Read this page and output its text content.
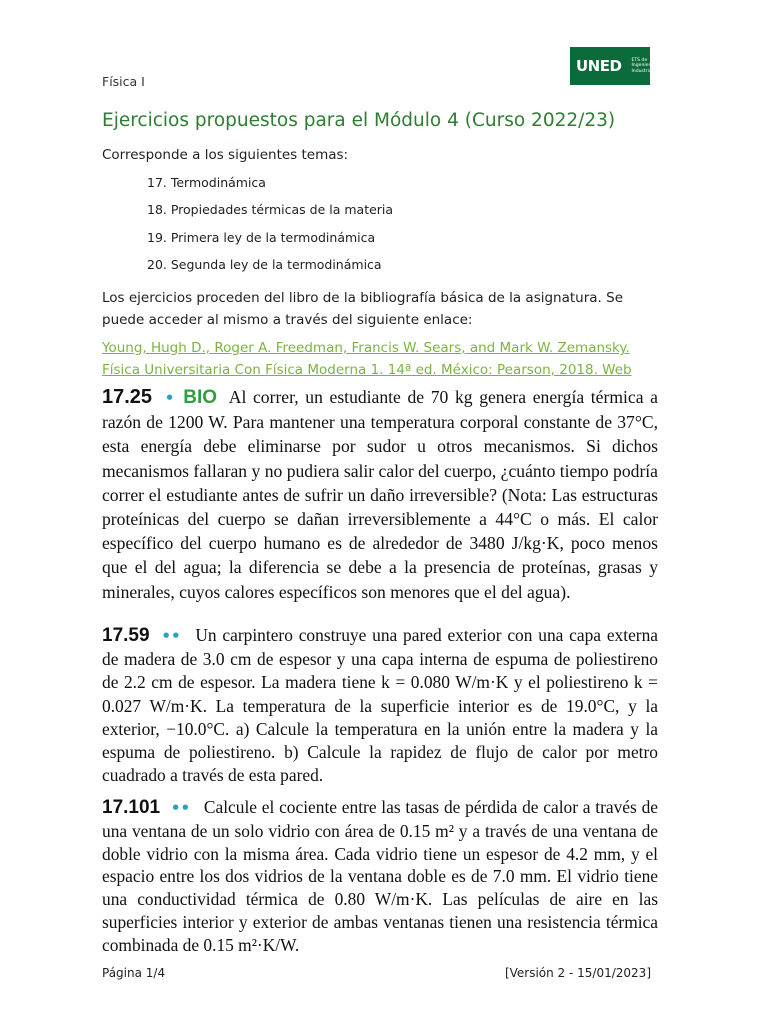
Física I
UNED ETS de
Ingenieros
Industriales
Ejercicios propuestos para el Módulo 4 (Curso 2022/23)
Corresponde a los siguientes temas:
17. Termodinámica
18. Propiedades térmicas de la materia
19. Primera ley de la termodinámica
20. Segunda ley de la termodinámica
Los ejercicios proceden del libro de la bibliografía básica de la asignatura. Se puede acceder al mismo a través del siguiente enlace:
Young, Hugh D., Roger A. Freedman, Francis W. Sears, and Mark W. Zemansky. Física Universitaria Con Física Moderna 1. 14ª ed. México: Pearson, 2018. Web
17.25 • BIO Al correr, un estudiante de 70 kg genera energía térmica a razón de 1200 W. Para mantener una temperatura corporal constante de 37°C, esta energía debe eliminarse por sudor u otros mecanismos. Si dichos mecanismos fallaran y no pudiera salir calor del cuerpo, ¿cuánto tiempo podría correr el estudiante antes de sufrir un daño irreversible? (Nota: Las estructuras proteínicas del cuerpo se dañan irreversiblemente a 44°C o más. El calor específico del cuerpo humano es de alrededor de 3480 J/kg·K, poco menos que el del agua; la diferencia se debe a la presencia de proteínas, grasas y minerales, cuyos calores específicos son menores que el del agua).
17.59 •• Un carpintero construye una pared exterior con una capa externa de madera de 3.0 cm de espesor y una capa interna de espuma de poliestireno de 2.2 cm de espesor. La madera tiene k = 0.080 W/m·K y el poliestireno k = 0.027 W/m·K. La temperatura de la superficie interior es de 19.0°C, y la exterior, −10.0°C. a) Calcule la temperatura en la unión entre la madera y la espuma de poliestireno. b) Calcule la rapidez de flujo de calor por metro cuadrado a través de esta pared.
17.101 •• Calcule el cociente entre las tasas de pérdida de calor a través de una ventana de un solo vidrio con área de 0.15 m² y a través de una ventana de doble vidrio con la misma área. Cada vidrio tiene un espesor de 4.2 mm, y el espacio entre los dos vidrios de la ventana doble es de 7.0 mm. El vidrio tiene una conductividad térmica de 0.80 W/m·K. Las películas de aire en las superficies interior y exterior de ambas ventanas tienen una resistencia térmica combinada de 0.15 m²·K/W.
Página 1/4	[Versión 2 - 15/01/2023]
